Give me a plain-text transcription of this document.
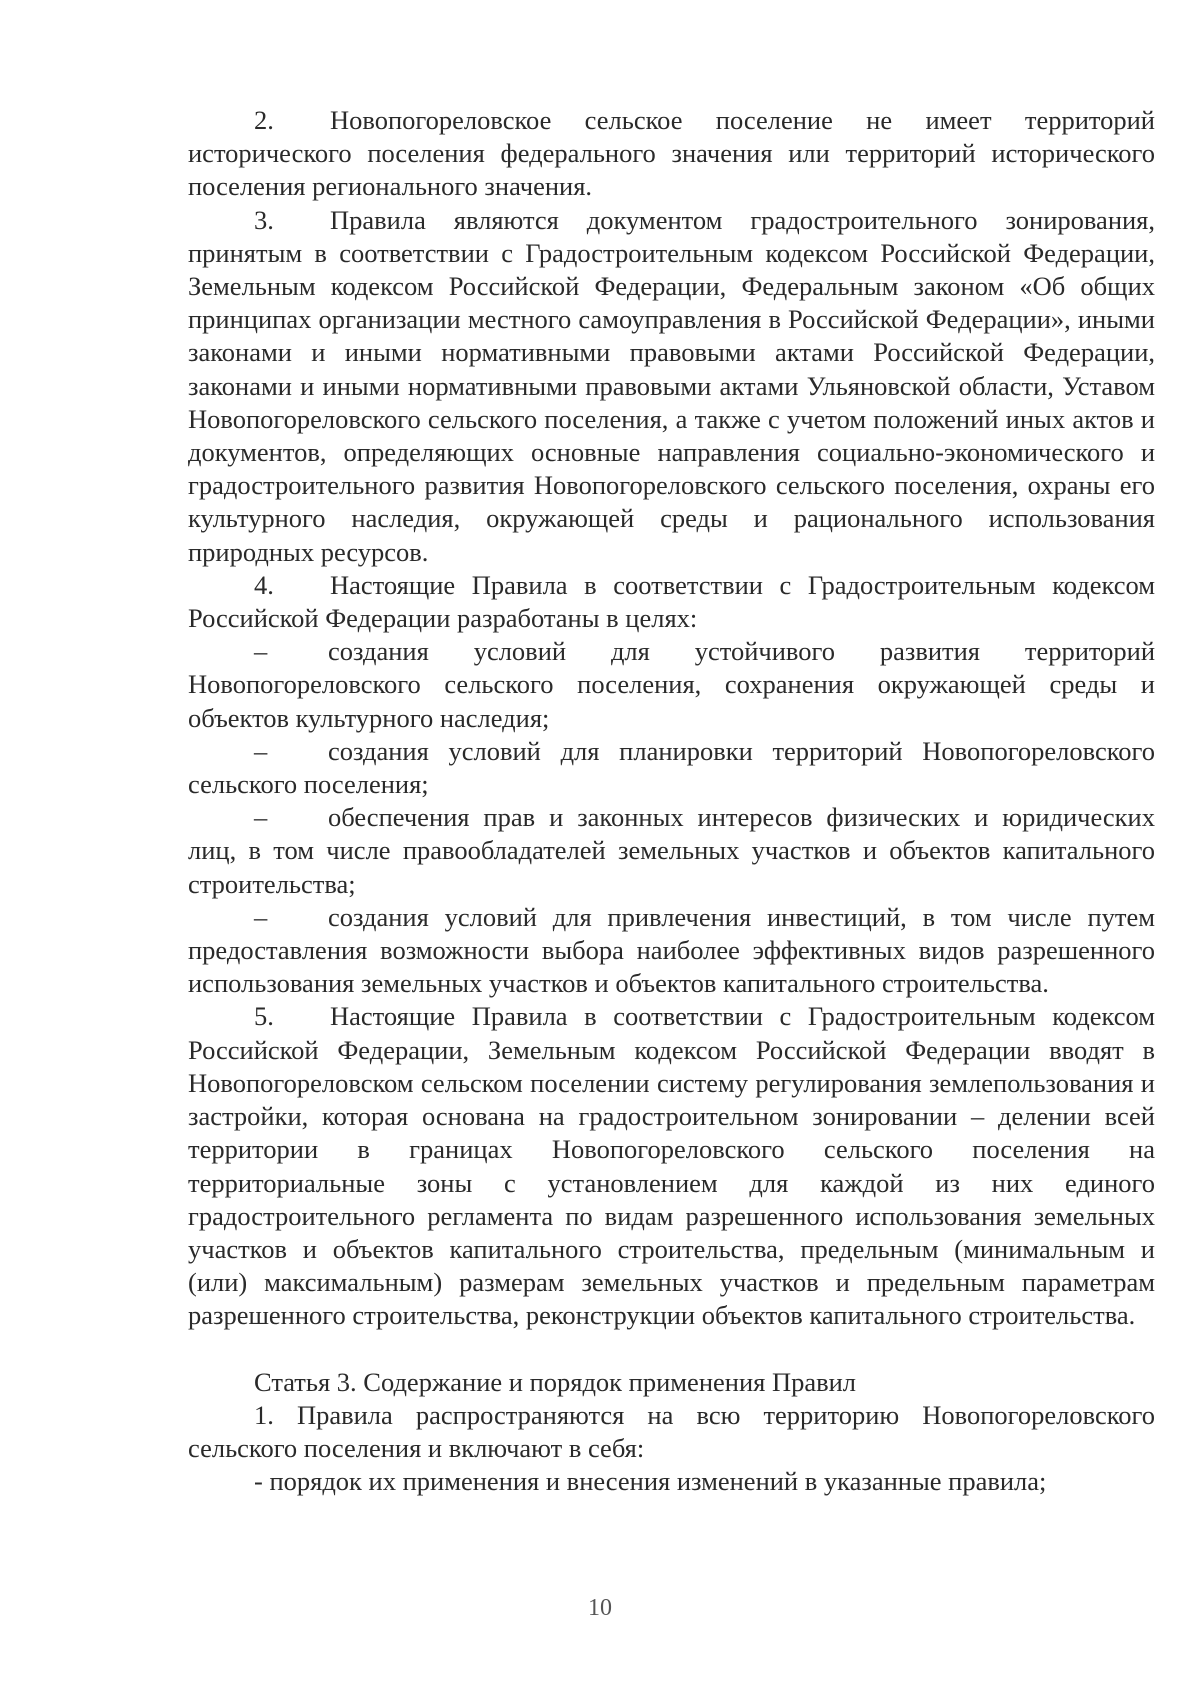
2. Новопогореловское сельское поселение не имеет территорий исторического поселения федерального значения или территорий исторического поселения регионального значения.

3. Правила являются документом градостроительного зонирования, принятым в соответствии с Градостроительным кодексом Российской Федерации, Земельным кодексом Российской Федерации, Федеральным законом «Об общих принципах организации местного самоуправления в Российской Федерации», иными законами и иными нормативными правовыми актами Российской Федерации, законами и иными нормативными правовыми актами Ульяновской области, Уставом Новопогореловского сельского поселения, а также с учетом положений иных актов и документов, определяющих основные направления социально-экономического и градостроительного развития Новопогореловского сельского поселения, охраны его культурного наследия, окружающей среды и рационального использования природных ресурсов.

4. Настоящие Правила в соответствии с Градостроительным кодексом Российской Федерации разработаны в целях:

– создания условий для устойчивого развития территорий Новопогореловского сельского поселения, сохранения окружающей среды и объектов культурного наследия;

– создания условий для планировки территорий Новопогореловского сельского поселения;

– обеспечения прав и законных интересов физических и юридических лиц, в том числе правообладателей земельных участков и объектов капитального строительства;

– создания условий для привлечения инвестиций, в том числе путем предоставления возможности выбора наиболее эффективных видов разрешенного использования земельных участков и объектов капитального строительства.

5. Настоящие Правила в соответствии с Градостроительным кодексом Российской Федерации, Земельным кодексом Российской Федерации вводят в Новопогореловском сельском поселении систему регулирования землепользования и застройки, которая основана на градостроительном зонировании – делении всей территории в границах Новопогореловского сельского поселения на территориальные зоны с установлением для каждой из них единого градостроительного регламента по видам разрешенного использования земельных участков и объектов капитального строительства, предельным (минимальным и (или) максимальным) размерам земельных участков и предельным параметрам разрешенного строительства, реконструкции объектов капитального строительства.

Статья 3. Содержание и порядок применения Правил

1. Правила распространяются на всю территорию Новопогореловского сельского поселения и включают в себя:

- порядок их применения и внесения изменений в указанные правила;

10
